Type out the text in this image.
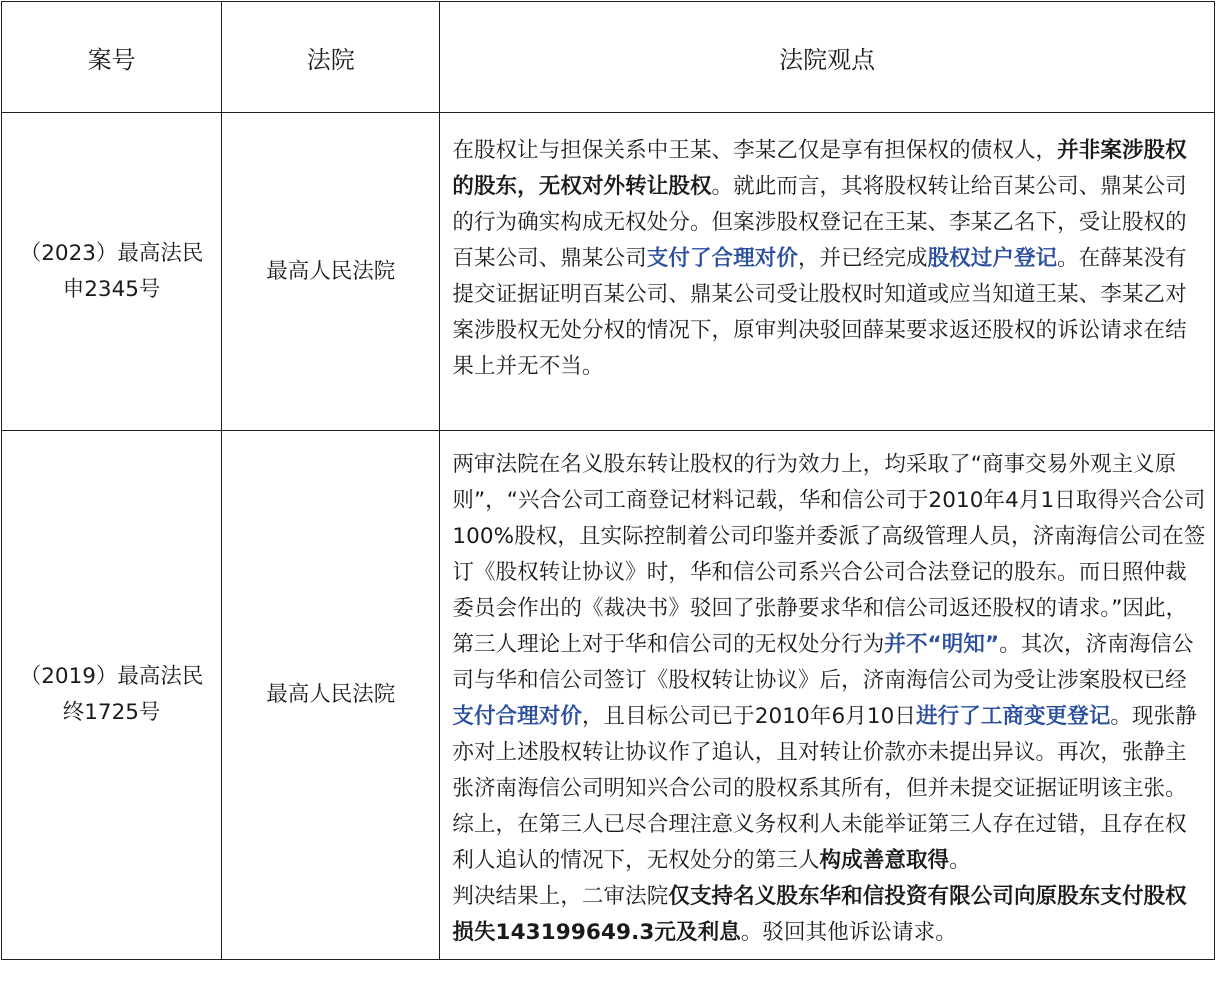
案号	法院	法院观点
（2023）最高法民申2345号	最高人民法院	在股权让与担保关系中王某、李某乙仅是享有担保权的债权人，并非案涉股权的股东，无权对外转让股权。就此而言，其将股权转让给百某公司、鼎某公司的行为确实构成无权处分。但案涉股权登记在王某、李某乙名下，受让股权的百某公司、鼎某公司支付了合理对价，并已经完成股权过户登记。在薛某没有提交证据证明百某公司、鼎某公司受让股权时知道或应当知道王某、李某乙对案涉股权无处分权的情况下，原审判决驳回薛某要求返还股权的诉讼请求在结果上并无不当。

（2019）最高法民终1725号	最高人民法院	两审法院在名义股东转让股权的行为效力上，均采取了“商事交易外观主义原则”，“兴合公司工商登记材料记载，华和信公司于2010年4月1日取得兴合公司100%股权，且实际控制着公司印鉴并委派了高级管理人员，济南海信公司在签订《股权转让协议》时，华和信公司系兴合公司合法登记的股东。而日照仲裁委员会作出的《裁决书》驳回了张静要求华和信公司返还股权的请求。”因此，第三人理论上对于华和信公司的无权处分行为并不“明知”。其次，济南海信公司与华和信公司签订《股权转让协议》后，济南海信公司为受让涉案股权已经支付合理对价，且目标公司已于2010年6月10日进行了工商变更登记。现张静亦对上述股权转让协议作了追认，且对转让价款亦未提出异议。再次，张静主张济南海信公司明知兴合公司的股权系其所有，但并未提交证据证明该主张。综上，在第三人已尽合理注意义务权利人未能举证第三人存在过错，且存在权利人追认的情况下，无权处分的第三人构成善意取得。
判决结果上，二审法院仅支持名义股东华和信投资有限公司向原股东支付股权损失143199649.3元及利息。驳回其他诉讼请求。
